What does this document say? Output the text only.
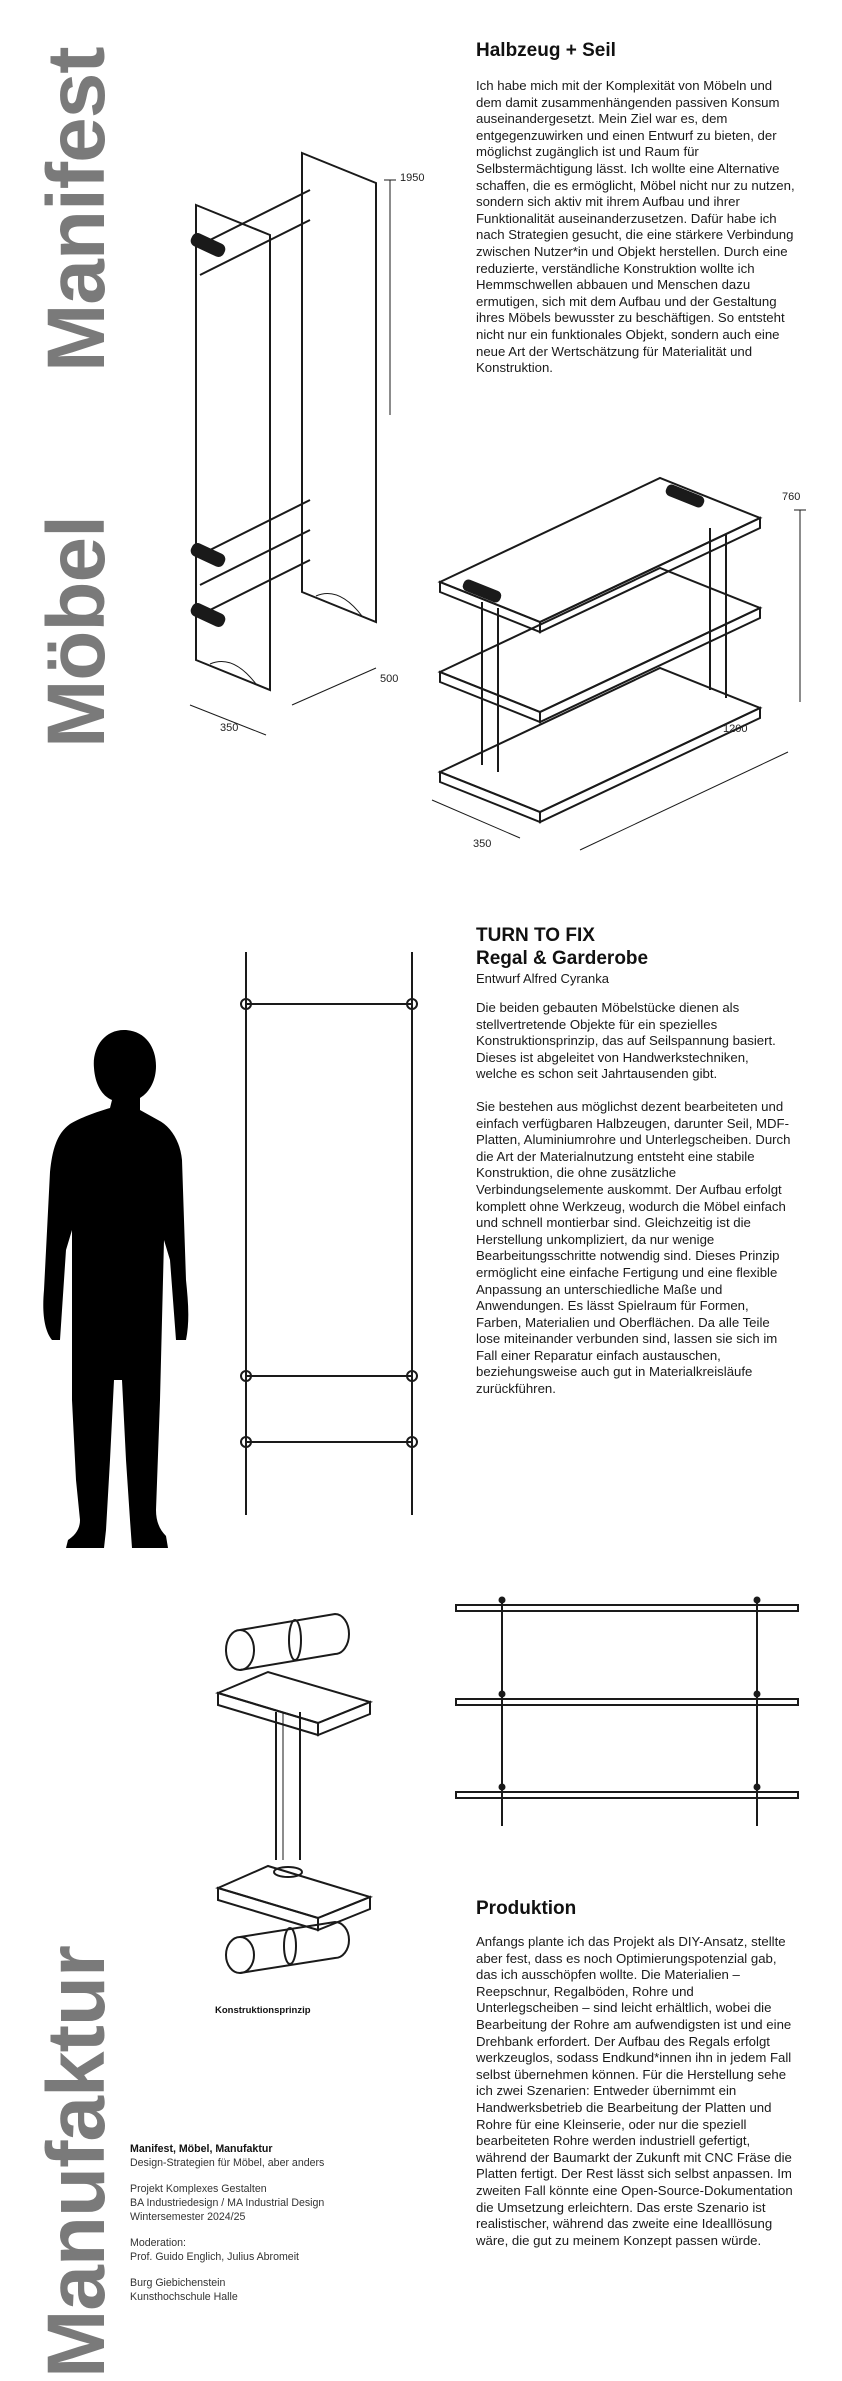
Manifest
Möbel
Manufaktur
Halbzeug + Seil

Ich habe mich mit der Komplexität von Möbeln und dem damit zusammenhängenden passiven Konsum auseinandergesetzt. Mein Ziel war es, dem entgegenzuwirken und einen Entwurf zu bieten, der möglichst zugänglich ist und Raum für Selbstermächtigung lässt. Ich wollte eine Alternative schaffen, die es ermöglicht, Möbel nicht nur zu nutzen, sondern sich aktiv mit ihrem Aufbau und ihrer Funktionalität auseinanderzusetzen. Dafür habe ich nach Strategien gesucht, die eine stärkere Verbindung zwischen Nutzer*in und Objekt herstellen. Durch eine reduzierte, verständliche Konstruktion wollte ich Hemmschwellen abbauen und Menschen dazu ermutigen, sich mit dem Aufbau und der Gestaltung ihres Möbels bewusster zu beschäftigen. So entsteht nicht nur ein funktionales Objekt, sondern auch eine neue Art der Wertschätzung für Materialität und Konstruktion.

1950
500
350
760
1200
350
TURN TO FIX
Regal & Garderobe

Entwurf Alfred Cyranka

Die beiden gebauten Möbelstücke dienen als stellvertretende Objekte für ein spezielles Konstruktionsprinzip, das auf Seilspannung basiert. Dieses ist abgeleitet von Handwerkstechniken, welche es schon seit Jahrtausenden gibt.

Sie bestehen aus möglichst dezent bearbeiteten und einfach verfügbaren Halbzeugen, darunter Seil, MDF-Platten, Aluminiumrohre und Unterlegscheiben. Durch die Art der Materialnutzung entsteht eine stabile Konstruktion, die ohne zusätzliche Verbindungselemente auskommt. Der Aufbau erfolgt komplett ohne Werkzeug, wodurch die Möbel einfach und schnell montierbar sind. Gleichzeitig ist die Herstellung unkompliziert, da nur wenige Bearbeitungsschritte notwendig sind. Dieses Prinzip ermöglicht eine einfache Fertigung und eine flexible Anpassung an unterschiedliche Maße und Anwendungen. Es lässt Spielraum für Formen, Farben, Materialien und Oberflächen. Da alle Teile lose miteinander verbunden sind, lassen sie sich im Fall einer Reparatur einfach austauschen, beziehungsweise auch gut in Materialkreisläufe zurückführen.

Konstruktionsprinzip
Produktion

Anfangs plante ich das Projekt als DIY-Ansatz, stellte aber fest, dass es noch Optimierungspotenzial gab, das ich ausschöpfen wollte. Die Materialien – Reepschnur, Regalböden, Rohre und Unterlegscheiben – sind leicht erhältlich, wobei die Bearbeitung der Rohre am aufwendigsten ist und eine Drehbank erfordert. Der Aufbau des Regals erfolgt werkzeuglos, sodass Endkund*innen ihn in jedem Fall selbst übernehmen können. Für die Herstellung sehe ich zwei Szenarien: Entweder übernimmt ein Handwerksbetrieb die Bearbeitung der Platten und Rohre für eine Kleinserie, oder nur die speziell bearbeiteten Rohre werden industriell gefertigt, während der Baumarkt der Zukunft mit CNC Fräse die Platten fertigt. Der Rest lässt sich selbst anpassen. Im zweiten Fall könnte eine Open-Source-Dokumentation die Umsetzung erleichtern. Das erste Szenario ist realistischer, während das zweite eine Idealllösung wäre, die gut zu meinem Konzept passen würde.

Manifest, Möbel, Manufaktur

Design-Strategien für Möbel, aber anders

Projekt Komplexes Gestalten

BA Industriedesign / MA Industrial Design

Wintersemester 2024/25

Moderation:

Prof. Guido Englich, Julius Abromeit

Burg Giebichenstein

Kunsthochschule Halle
